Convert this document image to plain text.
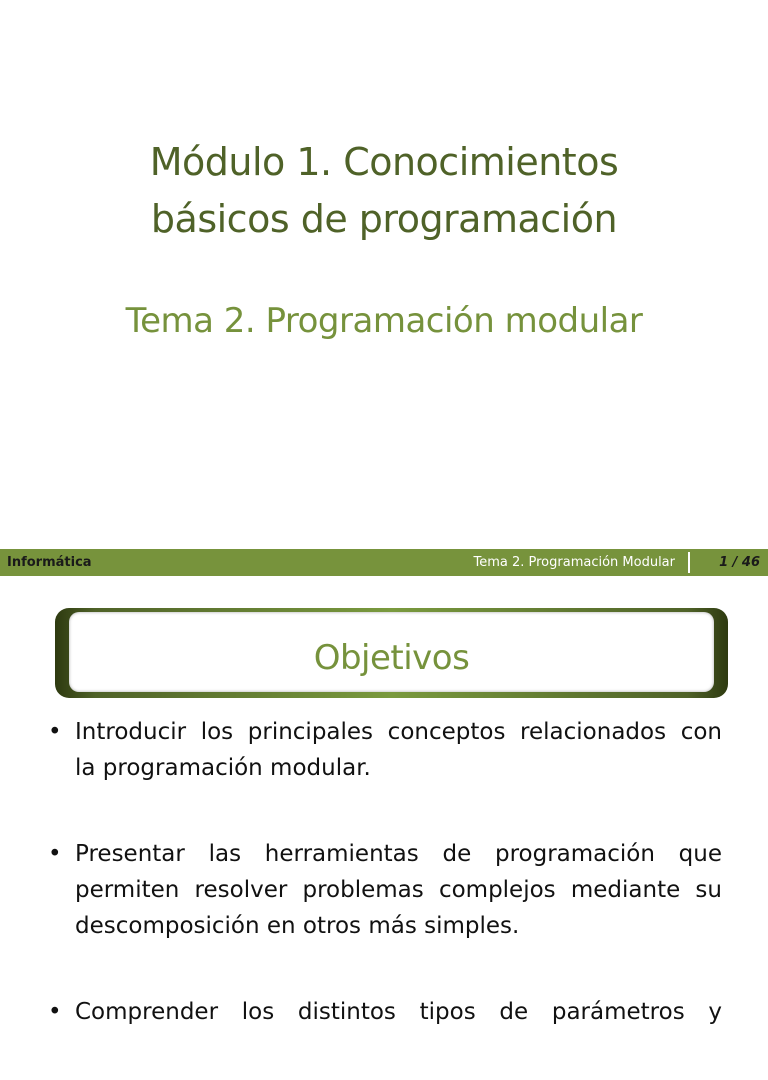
Módulo 1. Conocimientos
básicos de programación
Tema 2. Programación modular
Informática	Tema 2. Programación Modular	1 / 46
Objetivos
• Introducir los principales conceptos relacionados con
la programación modular.
• Presentar las herramientas de programación que
permiten resolver problemas complejos mediante su
descomposición en otros más simples.
• Comprender los distintos tipos de parámetros y
